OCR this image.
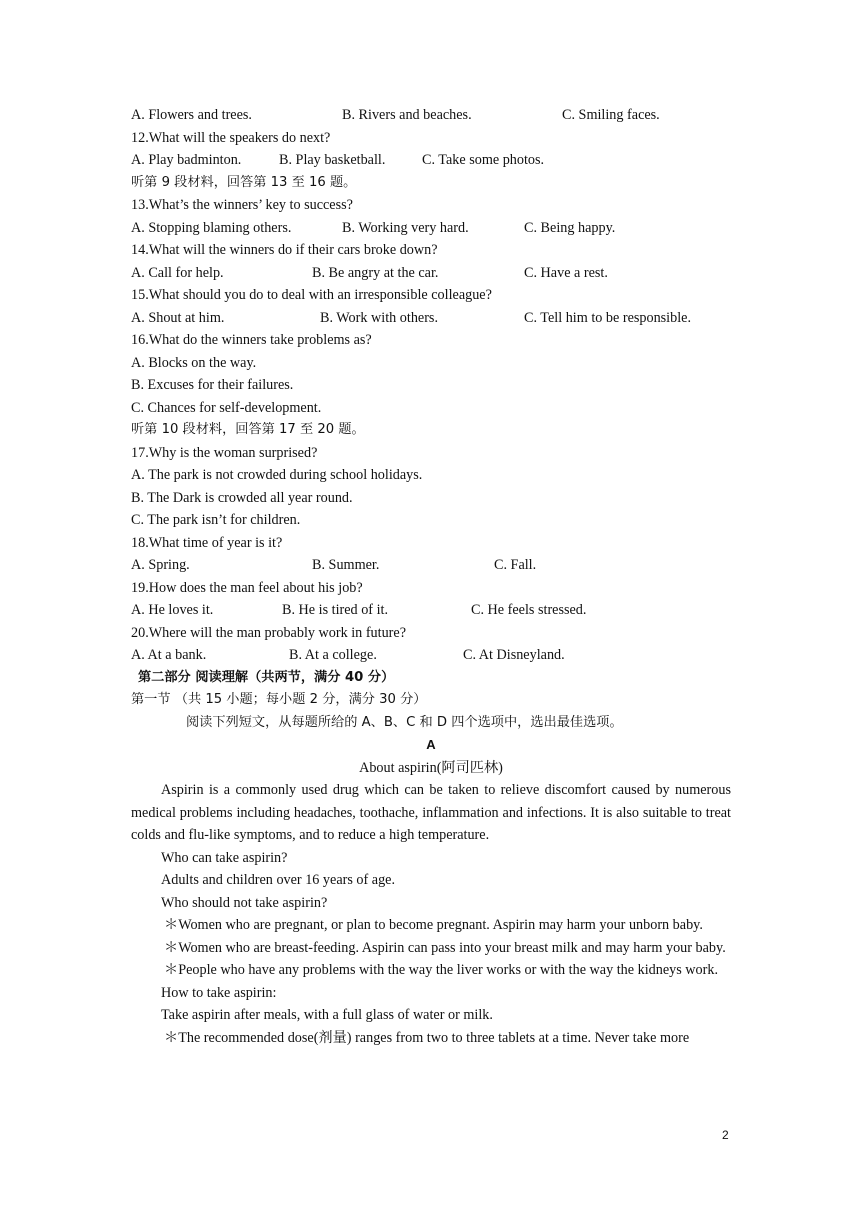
A. Flowers and trees.	B. Rivers and beaches.	C. Smiling faces.
12.What will the speakers do next?
A. Play badminton.	B. Play basketball.	C. Take some photos.
听第 9 段材料，回答第 13 至 16 题。
13.What’s the winners’ key to success?
A. Stopping blaming others.	B. Working very hard.	C. Being happy.
14.What will the winners do if their cars broke down?
A. Call for help.	B. Be angry at the car.	C. Have a rest.
15.What should you do to deal with an irresponsible colleague?
A. Shout at him.	B. Work with others.	C. Tell him to be responsible.
16.What do the winners take problems as?
A. Blocks on the way.
B. Excuses for their failures.
C. Chances for self-development.
听第 10 段材料，回答第 17 至 20 题。
17.Why is the woman surprised?
A. The park is not crowded during school holidays.
B. The Dark is crowded all year round.
C. The park isn’t for children.
18.What time of year is it?
A. Spring.	B. Summer.	C. Fall.
19.How does the man feel about his job?
A. He loves it.	B. He is tired of it.	C. He feels stressed.
20.Where will the man probably work in future?
A. At a bank.	B. At a college.	C. At Disneyland.
第二部分 阅读理解（共两节，满分 40 分）
第一节 （共 15 小题；每小题 2 分，满分 30 分）
阅读下列短文，从每题所给的 A、B、C 和 D 四个选项中，选出最佳选项。
A
About aspirin(阿司匹林)
Aspirin is a commonly used drug which can be taken to relieve discomfort caused by numerous medical problems including headaches, toothache, inflammation and infections. It is also suitable to treat colds and flu-like symptoms, and to reduce a high temperature.
Who can take aspirin?
Adults and children over 16 years of age.
Who should not take aspirin?
＊Women who are pregnant, or plan to become pregnant. Aspirin may harm your unborn baby.
＊Women who are breast-feeding. Aspirin can pass into your breast milk and may harm your baby.
＊People who have any problems with the way the liver works or with the way the kidneys work.
How to take aspirin:
Take aspirin after meals, with a full glass of water or milk.
＊The recommended dose(剂量) ranges from two to three tablets at a time. Never take more
2
